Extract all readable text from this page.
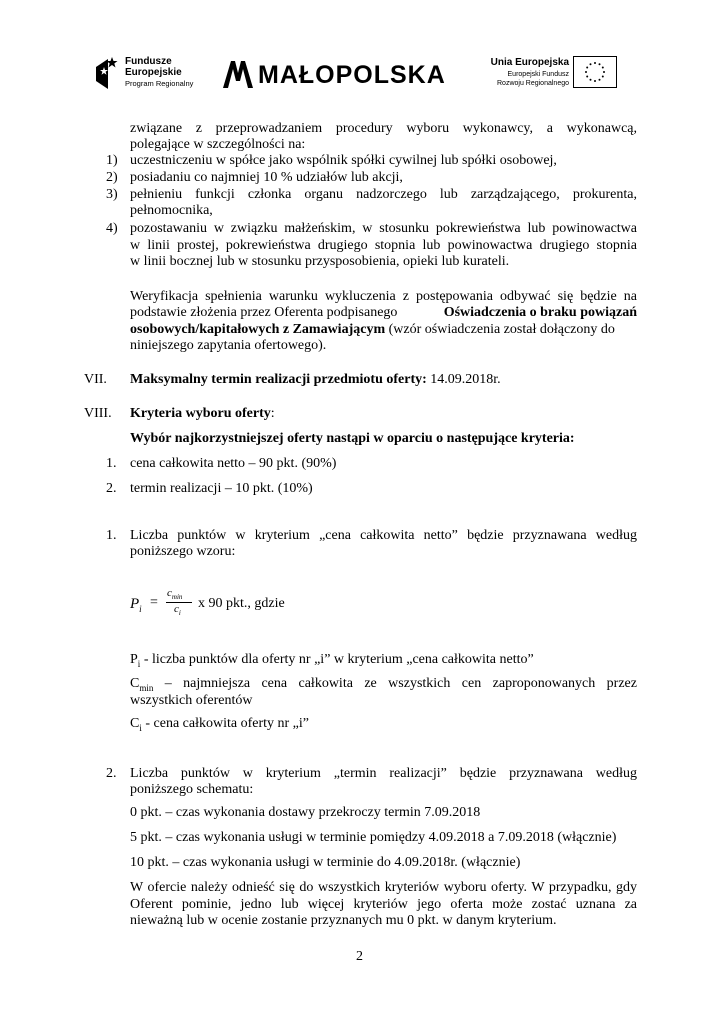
Fundusze
Europejskie
Program Regionalny	MAŁOPOLSKA	Unia Europejska
Europejski Fundusz
Rozwoju Regionalnego
związane z przeprowadzaniem procedury wyboru wykonawcy, a wykonawcą,
polegające w szczególności na:
1) uczestniczeniu w spółce jako wspólnik spółki cywilnej lub spółki osobowej,
2) posiadaniu co najmniej 10 % udziałów lub akcji,
3) pełnieniu funkcji członka organu nadzorczego lub zarządzającego, prokurenta,
pełnomocnika,
4) pozostawaniu w związku małżeńskim, w stosunku pokrewieństwa lub powinowactwa
w linii prostej, pokrewieństwa drugiego stopnia lub powinowactwa drugiego stopnia
w linii bocznej lub w stosunku przysposobienia, opieki lub kurateli.
Weryfikacja spełnienia warunku wykluczenia z postępowania odbywać się będzie na
podstawie złożenia przez Oferenta podpisanego	Oświadczenia o braku powiązań
osobowych/kapitałowych z Zamawiającym (wzór oświadczenia został dołączony do
niniejszego zapytania ofertowego).
VII. Maksymalny termin realizacji przedmiotu oferty: 14.09.2018r.
VIII. Kryteria wyboru oferty:
Wybór najkorzystniejszej oferty nastąpi w oparciu o następujące kryteria:
1. cena całkowita netto – 90 pkt. (90%)
2. termin realizacji – 10 pkt. (10%)
1. Liczba punktów w kryterium „cena całkowita netto” będzie przyznawana według
poniższego wzoru:
$P_i$ =
$c_{min}$
$c_i$
x 90 pkt., gdzie
$P_i$ - liczba punktów dla oferty nr „i” w kryterium „cena całkowita netto”
$C_{min}$ – najmniejsza cena całkowita ze wszystkich cen zaproponowanych przez
wszystkich oferentów
$C_i$ - cena całkowita oferty nr „i”
2. Liczba punktów w kryterium „termin realizacji” będzie przyznawana według
poniższego schematu:
0 pkt. – czas wykonania dostawy przekroczy termin 7.09.2018
5 pkt. – czas wykonania usługi w terminie pomiędzy 4.09.2018 a 7.09.2018 (włącznie)
10 pkt. – czas wykonania usługi w terminie do 4.09.2018r. (włącznie)
W ofercie należy odnieść się do wszystkich kryteriów wyboru oferty. W przypadku, gdy
Oferent pominie, jedno lub więcej kryteriów jego oferta może zostać uznana za
nieważną lub w ocenie zostanie przyznanych mu 0 pkt. w danym kryterium.
2
